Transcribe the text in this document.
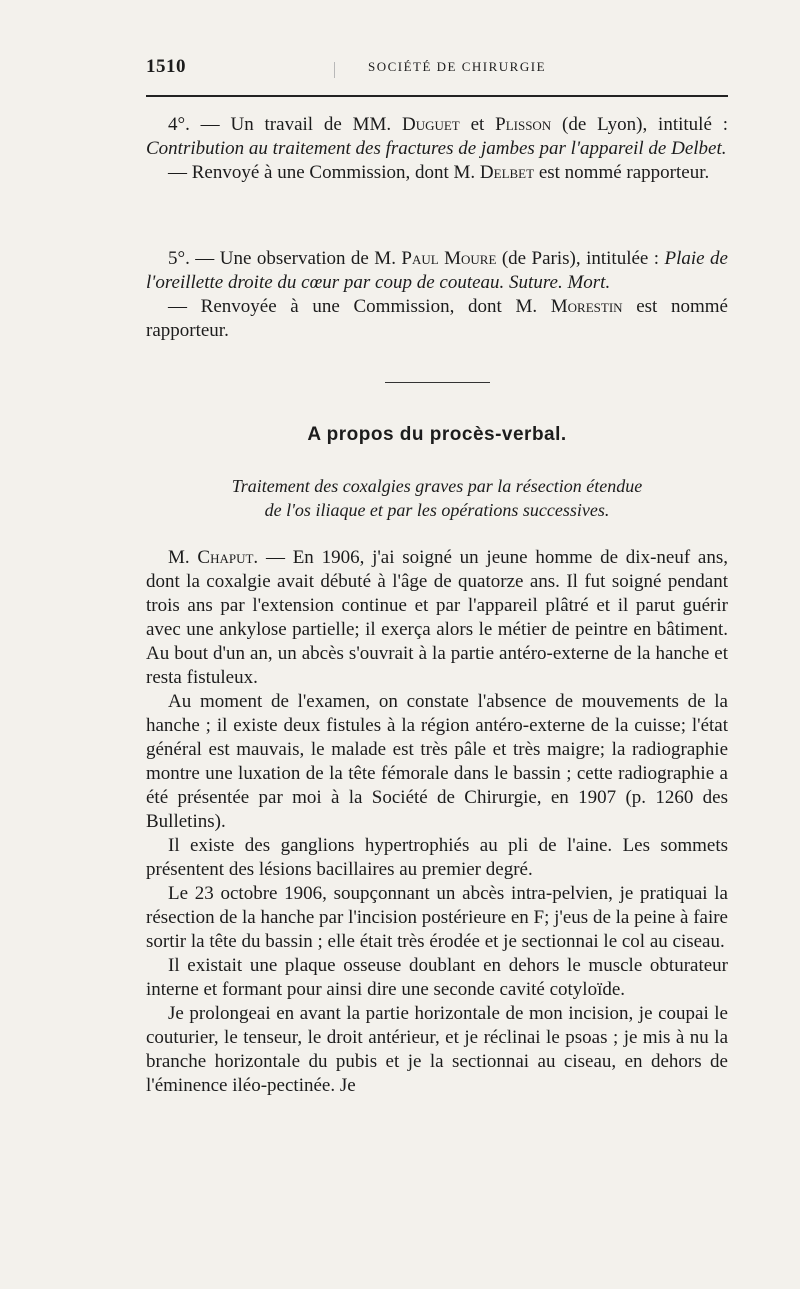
1510	SOCIÉTÉ DE CHIRURGIE

4°. — Un travail de MM. Duguet et Plisson (de Lyon), intitulé : Contribution au traitement des fractures de jambes par l'appareil de Delbet.

— Renvoyé à une Commission, dont M. Delbet est nommé rapporteur.

5°. — Une observation de M. Paul Moure (de Paris), intitulée : Plaie de l'oreillette droite du cœur par coup de couteau. Suture. Mort.

— Renvoyée à une Commission, dont M. Morestin est nommé rapporteur.

A propos du procès-verbal.
Traitement des coxalgies graves par la résection étendue
de l'os iliaque et par les opérations successives.

M. Chaput. — En 1906, j'ai soigné un jeune homme de dix-neuf ans, dont la coxalgie avait débuté à l'âge de quatorze ans. Il fut soigné pendant trois ans par l'extension continue et par l'appareil plâtré et il parut guérir avec une ankylose partielle; il exerça alors le métier de peintre en bâtiment. Au bout d'un an, un abcès s'ouvrait à la partie antéro-externe de la hanche et resta fistuleux.

Au moment de l'examen, on constate l'absence de mouvements de la hanche ; il existe deux fistules à la région antéro-externe de la cuisse; l'état général est mauvais, le malade est très pâle et très maigre; la radiographie montre une luxation de la tête fémorale dans le bassin ; cette radiographie a été présentée par moi à la Société de Chirurgie, en 1907 (p. 1260 des Bulletins).

Il existe des ganglions hypertrophiés au pli de l'aine. Les sommets présentent des lésions bacillaires au premier degré.

Le 23 octobre 1906, soupçonnant un abcès intra-pelvien, je pratiquai la résection de la hanche par l'incision postérieure en F; j'eus de la peine à faire sortir la tête du bassin ; elle était très érodée et je sectionnai le col au ciseau.

Il existait une plaque osseuse doublant en dehors le muscle obturateur interne et formant pour ainsi dire une seconde cavité cotyloïde.

Je prolongeai en avant la partie horizontale de mon incision, je coupai le couturier, le tenseur, le droit antérieur, et je réclinai le psoas ; je mis à nu la branche horizontale du pubis et je la sectionnai au ciseau, en dehors de l'éminence iléo-pectinée. Je
